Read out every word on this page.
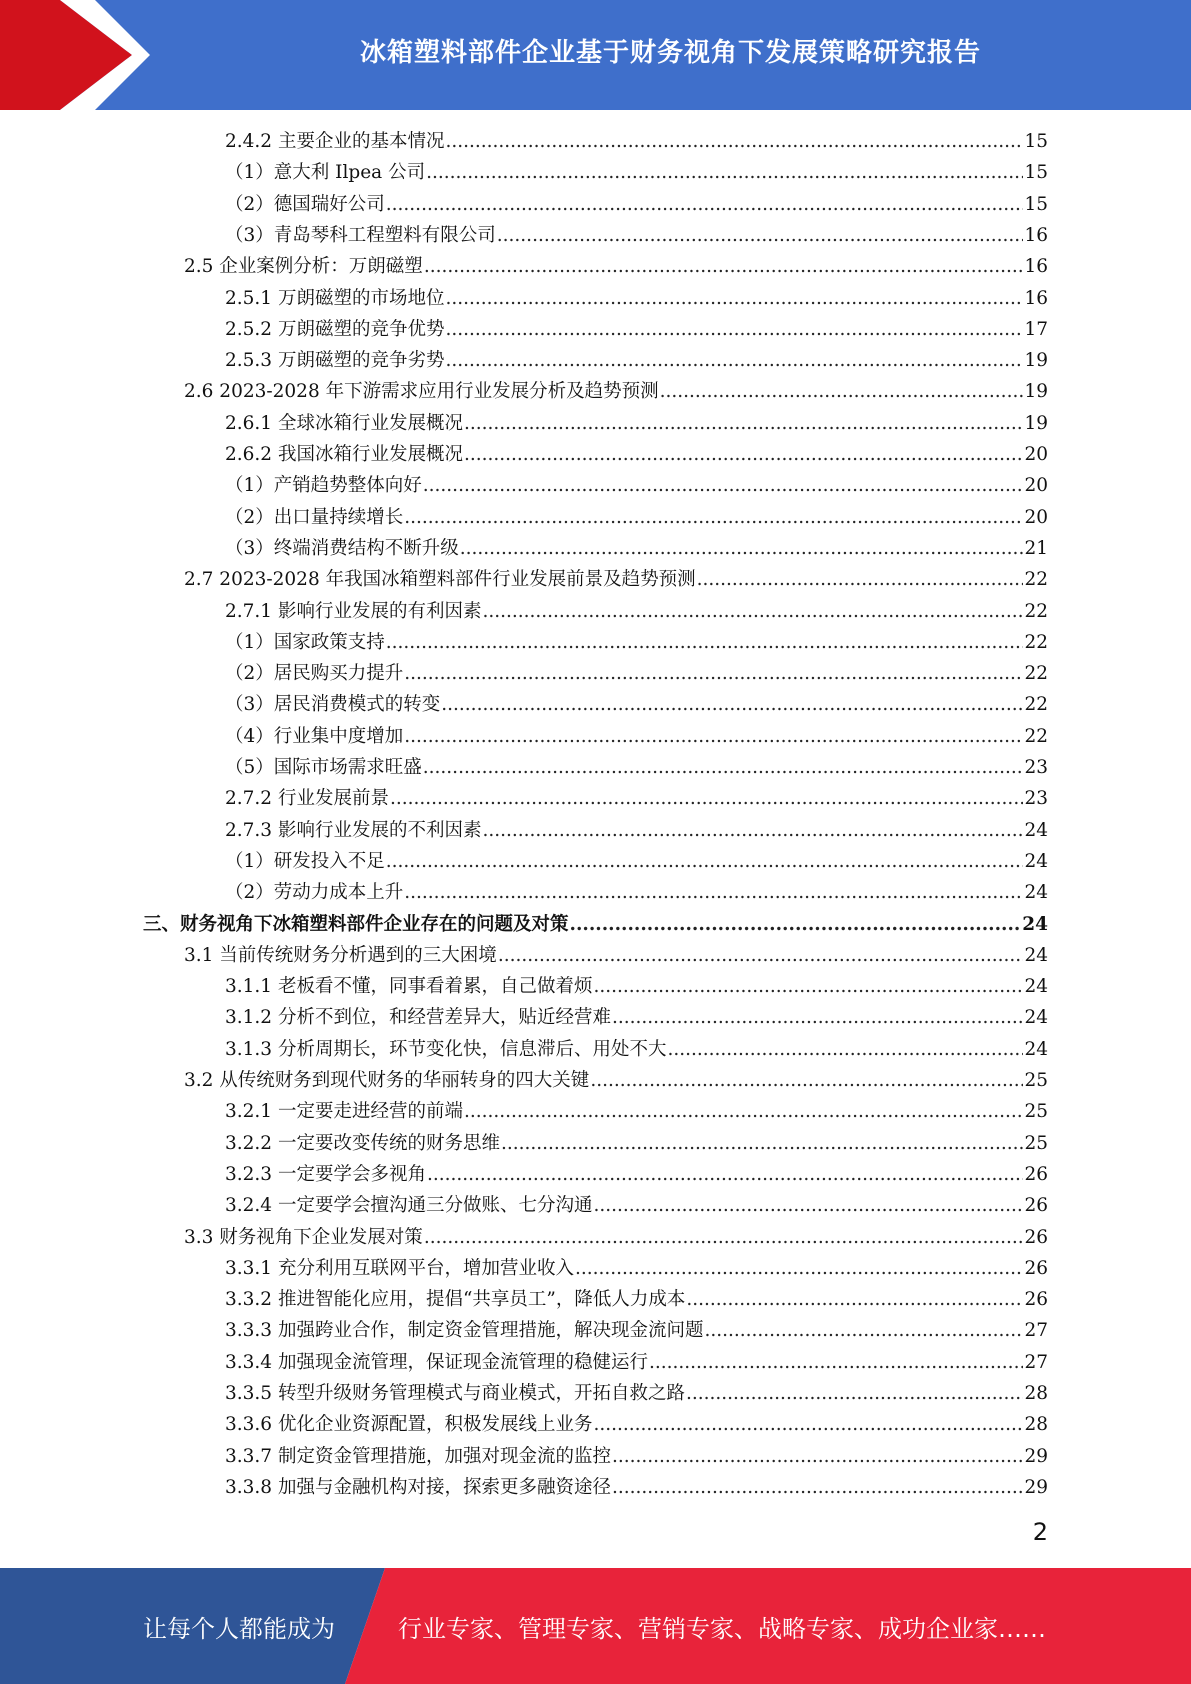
冰箱塑料部件企业基于财务视角下发展策略研究报告
2.4.2 主要企业的基本情况 .....	15
（1）意大利 Ilpea 公司 .....	15
（2）德国瑞好公司 .....	15
（3）青岛琴科工程塑料有限公司 .....	16
2.5 企业案例分析：万朗磁塑 .....	16
2.5.1 万朗磁塑的市场地位 .....	16
2.5.2 万朗磁塑的竞争优势 .....	17
2.5.3 万朗磁塑的竞争劣势 .....	19
2.6 2023-2028 年下游需求应用行业发展分析及趋势预测 .....	19
2.6.1 全球冰箱行业发展概况 .....	19
2.6.2 我国冰箱行业发展概况 .....	20
（1）产销趋势整体向好 .....	20
（2）出口量持续增长 .....	20
（3）终端消费结构不断升级 .....	21
2.7 2023-2028 年我国冰箱塑料部件行业发展前景及趋势预测 .....	22
2.7.1 影响行业发展的有利因素 .....	22
（1）国家政策支持 .....	22
（2）居民购买力提升 .....	22
（3）居民消费模式的转变 .....	22
（4）行业集中度增加 .....	22
（5）国际市场需求旺盛 .....	23
2.7.2 行业发展前景 .....	23
2.7.3 影响行业发展的不利因素 .....	24
（1）研发投入不足 .....	24
（2）劳动力成本上升 .....	24
三、财务视角下冰箱塑料部件企业存在的问题及对策 .....	24
3.1 当前传统财务分析遇到的三大困境 .....	24
3.1.1 老板看不懂，同事看着累，自己做着烦 .....	24
3.1.2 分析不到位，和经营差异大，贴近经营难 .....	24
3.1.3 分析周期长，环节变化快，信息滞后、用处不大 .....	24
3.2 从传统财务到现代财务的华丽转身的四大关键 .....	25
3.2.1 一定要走进经营的前端 .....	25
3.2.2 一定要改变传统的财务思维 .....	25
3.2.3 一定要学会多视角 .....	26
3.2.4 一定要学会擅沟通三分做账、七分沟通 .....	26
3.3 财务视角下企业发展对策 .....	26
3.3.1 充分利用互联网平台，增加营业收入 .....	26
3.3.2 推进智能化应用，提倡“共享员工”，降低人力成本 .....	26
3.3.3 加强跨业合作，制定资金管理措施，解决现金流问题 .....	27
3.3.4 加强现金流管理，保证现金流管理的稳健运行 .....	27
3.3.5 转型升级财务管理模式与商业模式，开拓自救之路 .....	28
3.3.6 优化企业资源配置，积极发展线上业务 .....	28
3.3.7 制定资金管理措施，加强对现金流的监控 .....	29
3.3.8 加强与金融机构对接，探索更多融资途径 .....	29
2
让每个人都能成为	行业专家、管理专家、营销专家、战略专家、成功企业家……
